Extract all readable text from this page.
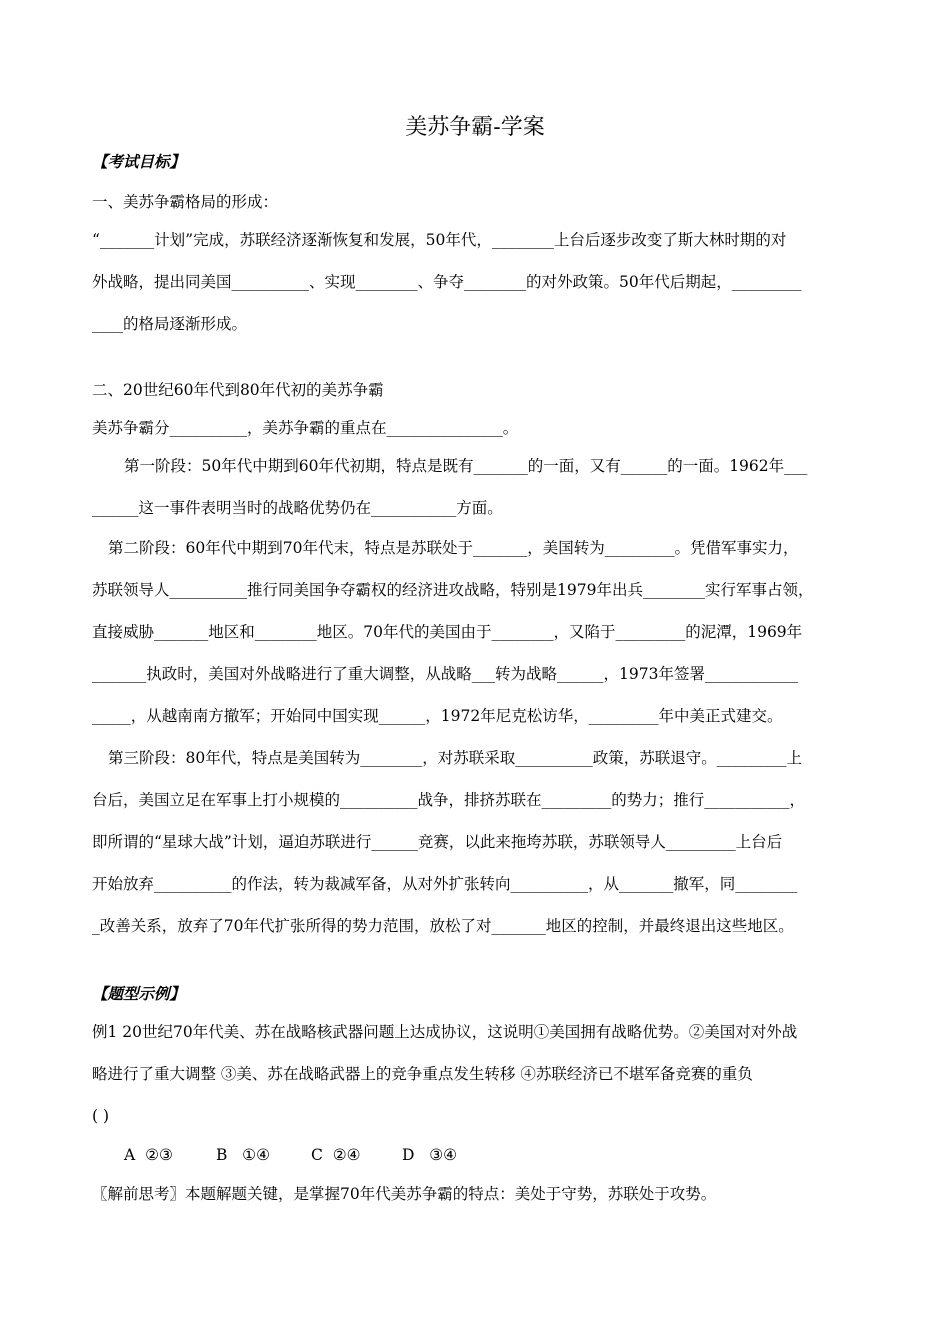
美苏争霸-学案
【考试目标】
一、美苏争霸格局的形成：
“_______计划”完成，苏联经济逐渐恢复和发展，50年代，________上台后逐步改变了斯大林时期的对
外战略，提出同美国__________、实现________、争夺________的对外政策。50年代后期起，_________
____的格局逐渐形成。
二、20世纪60年代到80年代初的美苏争霸
美苏争霸分__________，美苏争霸的重点在_______________。
第一阶段：50年代中期到60年代初期，特点是既有_______的一面，又有______的一面。1962年___
______这一事件表明当时的战略优势仍在___________方面。
第二阶段：60年代中期到70年代末，特点是苏联处于_______，美国转为_________。凭借军事实力，
苏联领导人__________推行同美国争夺霸权的经济进攻战略，特别是1979年出兵________实行军事占领，
直接威胁_______地区和________地区。70年代的美国由于________，又陷于_________的泥潭，1969年
_______执政时，美国对外战略进行了重大调整，从战略___转为战略______，1973年签署____________
_____，从越南南方撤军；开始同中国实现______，1972年尼克松访华，_________年中美正式建交。
第三阶段：80年代，特点是美国转为________，对苏联采取__________政策，苏联退守。_________上
台后，美国立足在军事上打小规模的__________战争，排挤苏联在_________的势力；推行___________，
即所谓的“星球大战”计划，逼迫苏联进行______竞赛，以此来拖垮苏联，苏联领导人_________上台后
开始放弃__________的作法，转为裁减军备，从对外扩张转向__________，从_______撤军，同________
_改善关系，放弃了70年代扩张所得的势力范围，放松了对_______地区的控制，并最终退出这些地区。
【题型示例】
例1 20世纪70年代美、苏在战略核武器问题上达成协议，这说明①美国拥有战略优势。②美国对对外战
略进行了重大调整 ③美、苏在战略武器上的竞争重点发生转移 ④苏联经济已不堪军备竞赛的重负
( )
A ②③	B ①④	C ②④	D ③④
〖解前思考〗本题解题关键，是掌握70年代美苏争霸的特点：美处于守势，苏联处于攻势。
